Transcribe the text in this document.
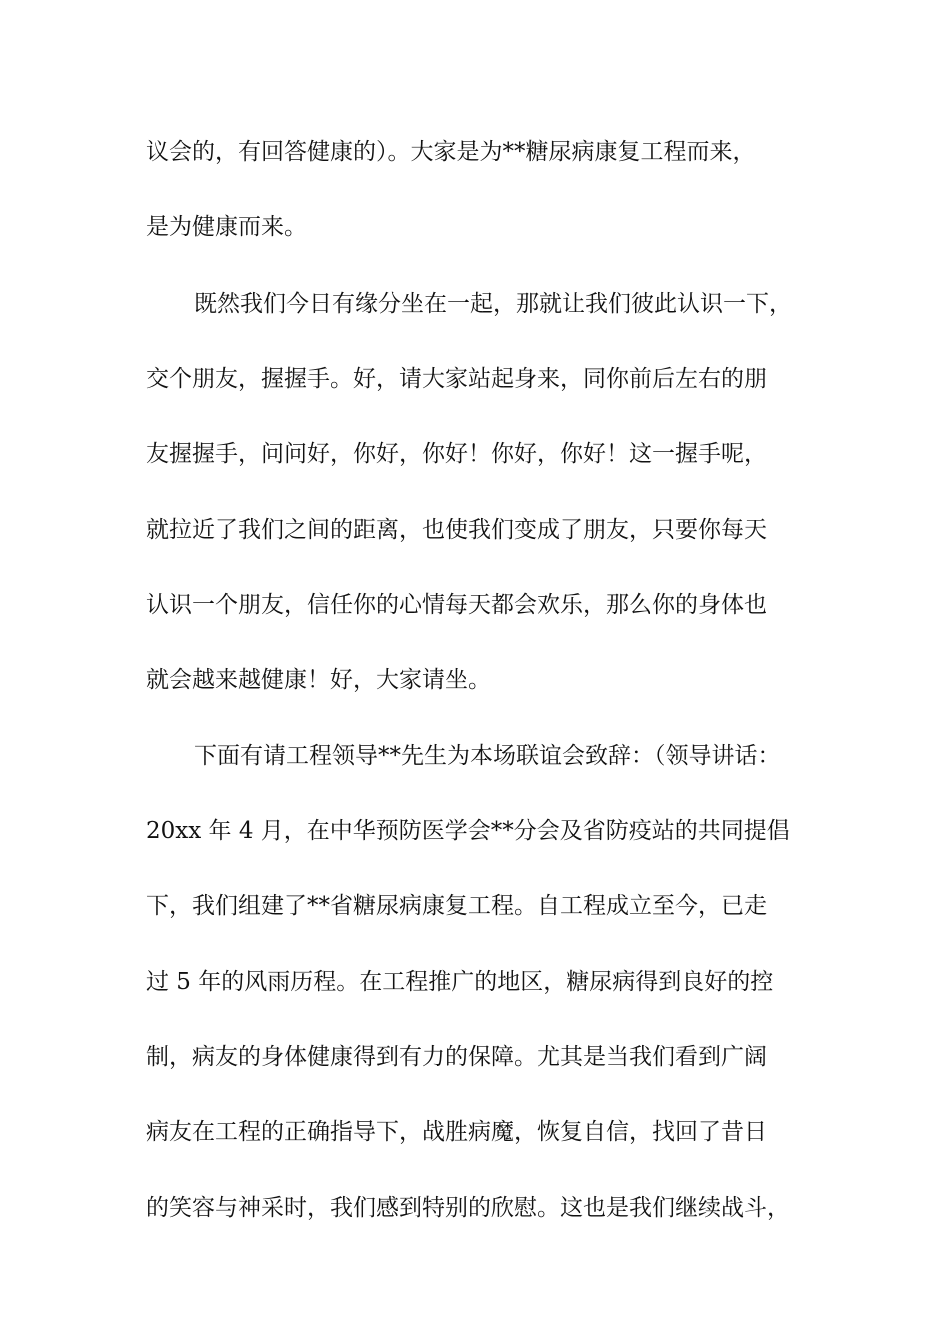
议会的，有回答健康的）。大家是为**糖尿病康复工程而来，
是为健康而来。
既然我们今日有缘分坐在一起，那就让我们彼此认识一下，
交个朋友，握握手。好，请大家站起身来，同你前后左右的朋
友握握手，问问好，你好，你好！你好，你好！这一握手呢，
就拉近了我们之间的距离，也使我们变成了朋友，只要你每天
认识一个朋友，信任你的心情每天都会欢乐，那么你的身体也
就会越来越健康！好，大家请坐。
下面有请工程领导**先生为本场联谊会致辞：（领导讲话：
20xx 年 4 月，在中华预防医学会**分会及省防疫站的共同提倡
下，我们组建了**省糖尿病康复工程。自工程成立至今，已走
过 5 年的风雨历程。在工程推广的地区，糖尿病得到良好的控
制，病友的身体健康得到有力的保障。尤其是当我们看到广阔
病友在工程的正确指导下，战胜病魔，恢复自信，找回了昔日
的笑容与神采时，我们感到特别的欣慰。这也是我们继续战斗，
